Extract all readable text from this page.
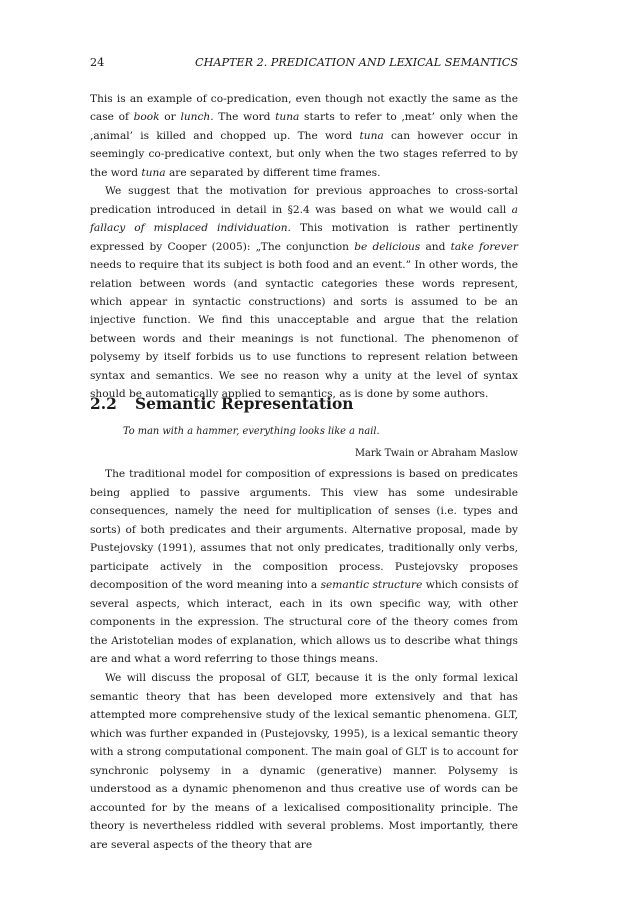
24	CHAPTER 2. PREDICATION AND LEXICAL SEMANTICS

This is an example of co-predication, even though not exactly the same as the case of book or lunch. The word tuna starts to refer to ‚meat’ only when the ‚animal’ is killed and chopped up. The word tuna can however occur in seemingly co-predicative context, but only when the two stages referred to by the word tuna are separated by different time frames.

We suggest that the motivation for previous approaches to cross-sortal predication introduced in detail in §2.4 was based on what we would call a fallacy of misplaced individuation. This motivation is rather pertinently expressed by Cooper (2005): „The conjunction be delicious and take forever needs to require that its subject is both food and an event.” In other words, the relation between words (and syntactic categories these words represent, which appear in syntactic constructions) and sorts is assumed to be an injective function. We find this unacceptable and argue that the relation between words and their meanings is not functional. The phenomenon of polysemy by itself forbids us to use functions to represent relation between syntax and semantics. We see no reason why a unity at the level of syntax should be automatically applied to semantics, as is done by some authors.

2.2 Semantic Representation
To man with a hammer, everything looks like a nail.
Mark Twain or Abraham Maslow

The traditional model for composition of expressions is based on predicates being applied to passive arguments. This view has some undesirable consequences, namely the need for multiplication of senses (i.e. types and sorts) of both predicates and their arguments. Alternative proposal, made by Pustejovsky (1991), assumes that not only predicates, traditionally only verbs, participate actively in the composition process. Pustejovsky proposes decomposition of the word meaning into a semantic structure which consists of several aspects, which interact, each in its own specific way, with other components in the expression. The structural core of the theory comes from the Aristotelian modes of explanation, which allows us to describe what things are and what a word referring to those things means.

We will discuss the proposal of GLT, because it is the only formal lexical semantic theory that has been developed more extensively and that has attempted more comprehensive study of the lexical semantic phenomena. GLT, which was further expanded in (Pustejovsky, 1995), is a lexical semantic theory with a strong computational component. The main goal of GLT is to account for synchronic polysemy in a dynamic (generative) manner. Polysemy is understood as a dynamic phenomenon and thus creative use of words can be accounted for by the means of a lexicalised compositionality principle. The theory is nevertheless riddled with several problems. Most importantly, there are several aspects of the theory that are
